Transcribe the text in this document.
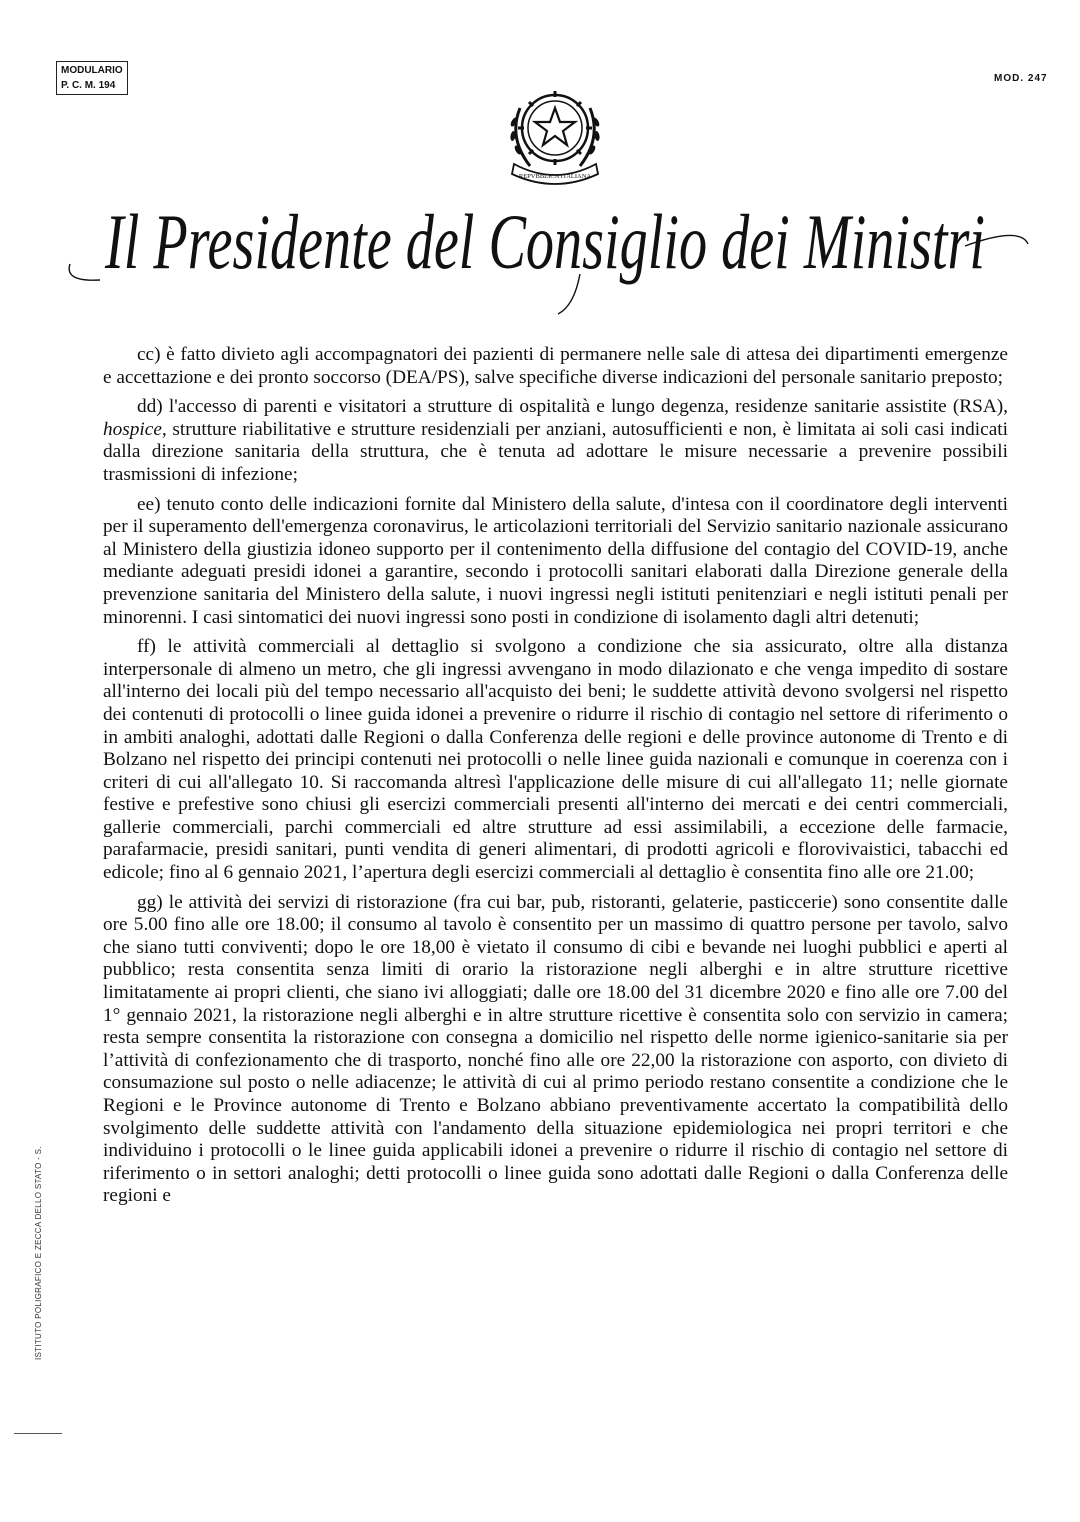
MODULARIO
P. C. M. 194
MOD. 247
REPVBBLICA ITALIANA
Il Presidente del Consiglio dei Ministri
ISTITUTO POLIGRAFICO E ZECCA DELLO STATO - S.

cc) è fatto divieto agli accompagnatori dei pazienti di permanere nelle sale di attesa dei dipartimenti emergenze e accettazione e dei pronto soccorso (DEA/PS), salve specifiche diverse indicazioni del personale sanitario preposto;

dd) l'accesso di parenti e visitatori a strutture di ospitalità e lungo degenza, residenze sanitarie assistite (RSA), hospice, strutture riabilitative e strutture residenziali per anziani, autosufficienti e non, è limitata ai soli casi indicati dalla direzione sanitaria della struttura, che è tenuta ad adottare le misure necessarie a prevenire possibili trasmissioni di infezione;

ee) tenuto conto delle indicazioni fornite dal Ministero della salute, d'intesa con il coordinatore degli interventi per il superamento dell'emergenza coronavirus, le articolazioni territoriali del Servizio sanitario nazionale assicurano al Ministero della giustizia idoneo supporto per il contenimento della diffusione del contagio del COVID-19, anche mediante adeguati presidi idonei a garantire, secondo i protocolli sanitari elaborati dalla Direzione generale della prevenzione sanitaria del Ministero della salute, i nuovi ingressi negli istituti penitenziari e negli istituti penali per minorenni. I casi sintomatici dei nuovi ingressi sono posti in condizione di isolamento dagli altri detenuti;

ff) le attività commerciali al dettaglio si svolgono a condizione che sia assicurato, oltre alla distanza interpersonale di almeno un metro, che gli ingressi avvengano in modo dilazionato e che venga impedito di sostare all'interno dei locali più del tempo necessario all'acquisto dei beni; le suddette attività devono svolgersi nel rispetto dei contenuti di protocolli o linee guida idonei a prevenire o ridurre il rischio di contagio nel settore di riferimento o in ambiti analoghi, adottati dalle Regioni o dalla Conferenza delle regioni e delle province autonome di Trento e di Bolzano nel rispetto dei principi contenuti nei protocolli o nelle linee guida nazionali e comunque in coerenza con i criteri di cui all'allegato 10. Si raccomanda altresì l'applicazione delle misure di cui all'allegato 11; nelle giornate festive e prefestive sono chiusi gli esercizi commerciali presenti all'interno dei mercati e dei centri commerciali, gallerie commerciali, parchi commerciali ed altre strutture ad essi assimilabili, a eccezione delle farmacie, parafarmacie, presidi sanitari, punti vendita di generi alimentari, di prodotti agricoli e florovivaistici, tabacchi ed edicole; fino al 6 gennaio 2021, l’apertura degli esercizi commerciali al dettaglio è consentita fino alle ore 21.00;

gg) le attività dei servizi di ristorazione (fra cui bar, pub, ristoranti, gelaterie, pasticcerie) sono consentite dalle ore 5.00 fino alle ore 18.00; il consumo al tavolo è consentito per un massimo di quattro persone per tavolo, salvo che siano tutti conviventi; dopo le ore 18,00 è vietato il consumo di cibi e bevande nei luoghi pubblici e aperti al pubblico; resta consentita senza limiti di orario la ristorazione negli alberghi e in altre strutture ricettive limitatamente ai propri clienti, che siano ivi alloggiati; dalle ore 18.00 del 31 dicembre 2020 e fino alle ore 7.00 del 1° gennaio 2021, la ristorazione negli alberghi e in altre strutture ricettive è consentita solo con servizio in camera; resta sempre consentita la ristorazione con consegna a domicilio nel rispetto delle norme igienico-sanitarie sia per l’attività di confezionamento che di trasporto, nonché fino alle ore 22,00 la ristorazione con asporto, con divieto di consumazione sul posto o nelle adiacenze; le attività di cui al primo periodo restano consentite a condizione che le Regioni e le Province autonome di Trento e Bolzano abbiano preventivamente accertato la compatibilità dello svolgimento delle suddette attività con l'andamento della situazione epidemiologica nei propri territori e che individuino i protocolli o le linee guida applicabili idonei a prevenire o ridurre il rischio di contagio nel settore di riferimento o in settori analoghi; detti protocolli o linee guida sono adottati dalle Regioni o dalla Conferenza delle regioni e
